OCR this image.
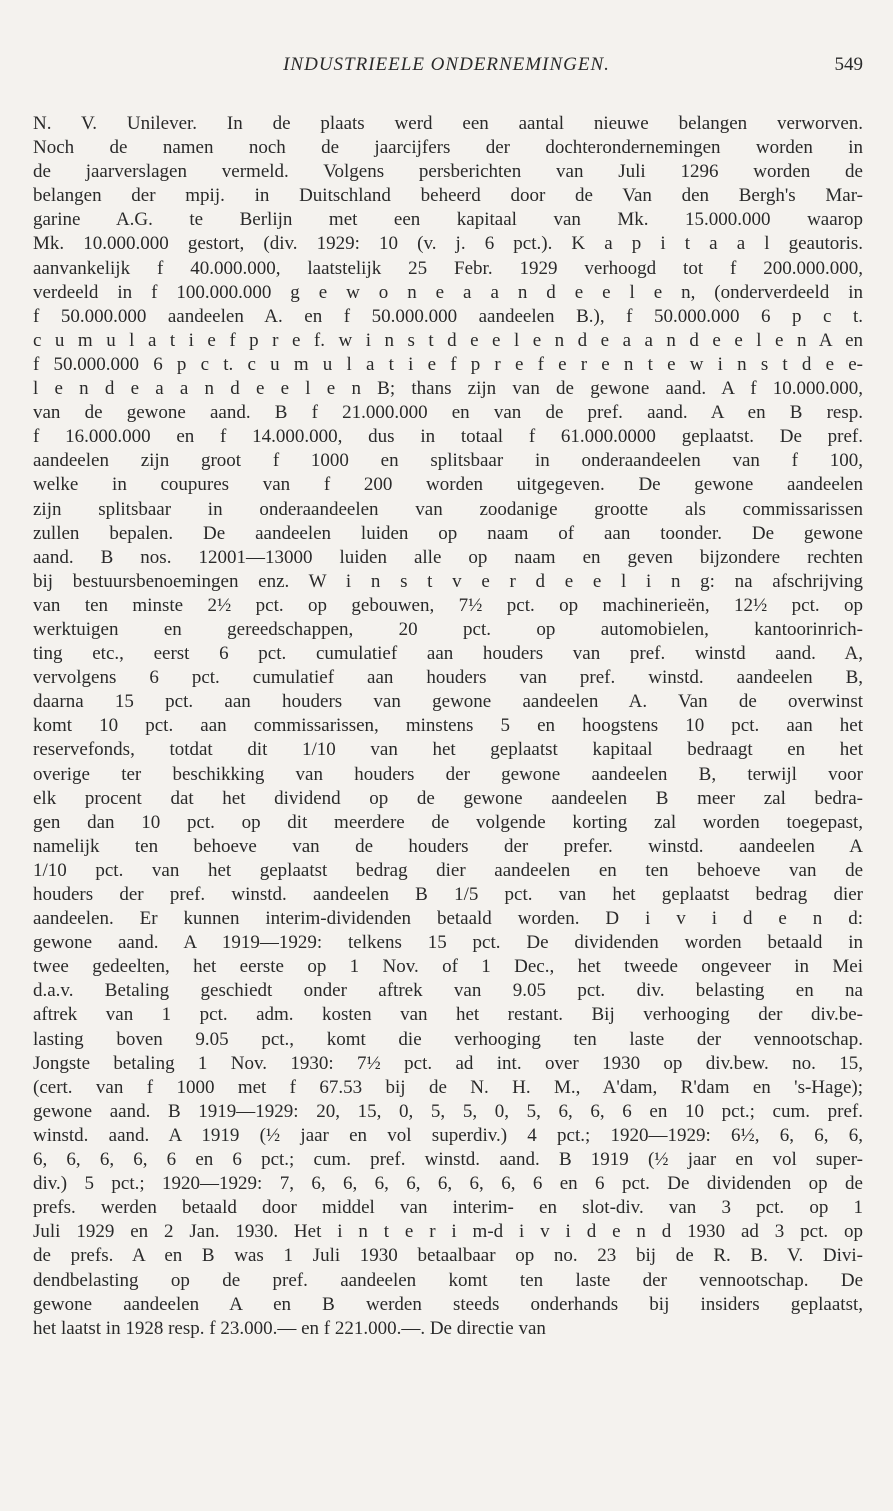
INDUSTRIEELE ONDERNEMINGEN.	549
N. V. Unilever. In de plaats werd een aantal nieuwe belangen verworven.
Noch de namen noch de jaarcijfers der dochterondernemingen worden in
de jaarverslagen vermeld. Volgens persberichten van Juli 1296 worden de
belangen der mpij. in Duitschland beheerd door de Van den Bergh's Mar-
garine A.G. te Berlijn met een kapitaal van Mk. 15.000.000 waarop
Mk. 10.000.000 gestort, (div. 1929: 10 (v. j. 6 pct.). K a p i t a a l geautoris.
aanvankelijk f 40.000.000, laatstelijk 25 Febr. 1929 verhoogd tot f 200.000.000,
verdeeld in f 100.000.000 g e w o n e a a n d e e l e n, (onderverdeeld in
f 50.000.000 aandeelen A. en f 50.000.000 aandeelen B.), f 50.000.000 6 p c t.
c u m u l a t i e f p r e f. w i n s t d e e l e n d e a a n d e e l e n A en
f 50.000.000 6 p c t. c u m u l a t i e f p r e f e r e n t e w i n s t d e e-
l e n d e a a n d e e l e n B; thans zijn van de gewone aand. A f 10.000.000,
van de gewone aand. B f 21.000.000 en van de pref. aand. A en B resp.
f 16.000.000 en f 14.000.000, dus in totaal f 61.000.0000 geplaatst. De pref.
aandeelen zijn groot f 1000 en splitsbaar in onderaandeelen van f 100,
welke in coupures van f 200 worden uitgegeven. De gewone aandeelen
zijn splitsbaar in onderaandeelen van zoodanige grootte als commissarissen
zullen bepalen. De aandeelen luiden op naam of aan toonder. De gewone
aand. B nos. 12001—13000 luiden alle op naam en geven bijzondere rechten
bij bestuursbenoemingen enz. W i n s t v e r d e e l i n g: na afschrijving
van ten minste 2½ pct. op gebouwen, 7½ pct. op machinerieën, 12½ pct. op
werktuigen en gereedschappen, 20 pct. op automobielen, kantoorinrich-
ting etc., eerst 6 pct. cumulatief aan houders van pref. winstd aand. A,
vervolgens 6 pct. cumulatief aan houders van pref. winstd. aandeelen B,
daarna 15 pct. aan houders van gewone aandeelen A. Van de overwinst
komt 10 pct. aan commissarissen, minstens 5 en hoogstens 10 pct. aan het
reservefonds, totdat dit 1/10 van het geplaatst kapitaal bedraagt en het
overige ter beschikking van houders der gewone aandeelen B, terwijl voor
elk procent dat het dividend op de gewone aandeelen B meer zal bedra-
gen dan 10 pct. op dit meerdere de volgende korting zal worden toegepast,
namelijk ten behoeve van de houders der prefer. winstd. aandeelen A
1/10 pct. van het geplaatst bedrag dier aandeelen en ten behoeve van de
houders der pref. winstd. aandeelen B 1/5 pct. van het geplaatst bedrag dier
aandeelen. Er kunnen interim-dividenden betaald worden. D i v i d e n d:
gewone aand. A 1919—1929: telkens 15 pct. De dividenden worden betaald in
twee gedeelten, het eerste op 1 Nov. of 1 Dec., het tweede ongeveer in Mei
d.a.v. Betaling geschiedt onder aftrek van 9.05 pct. div. belasting en na
aftrek van 1 pct. adm. kosten van het restant. Bij verhooging der div.be-
lasting boven 9.05 pct., komt die verhooging ten laste der vennootschap.
Jongste betaling 1 Nov. 1930: 7½ pct. ad int. over 1930 op div.bew. no. 15,
(cert. van f 1000 met f 67.53 bij de N. H. M., A'dam, R'dam en 's-Hage);
gewone aand. B 1919—1929: 20, 15, 0, 5, 5, 0, 5, 6, 6, 6 en 10 pct.; cum. pref.
winstd. aand. A 1919 (½ jaar en vol superdiv.) 4 pct.; 1920—1929: 6½, 6, 6, 6,
6, 6, 6, 6, 6 en 6 pct.; cum. pref. winstd. aand. B 1919 (½ jaar en vol super-
div.) 5 pct.; 1920—1929: 7, 6, 6, 6, 6, 6, 6, 6, 6 en 6 pct. De dividenden op de
prefs. werden betaald door middel van interim- en slot-div. van 3 pct. op 1
Juli 1929 en 2 Jan. 1930. Het i n t e r i m-d i v i d e n d 1930 ad 3 pct. op
de prefs. A en B was 1 Juli 1930 betaalbaar op no. 23 bij de R. B. V. Divi-
dendbelasting op de pref. aandeelen komt ten laste der vennootschap. De
gewone aandeelen A en B werden steeds onderhands bij insiders geplaatst,
het laatst in 1928 resp. f 23.000.— en f 221.000.—. De directie van
